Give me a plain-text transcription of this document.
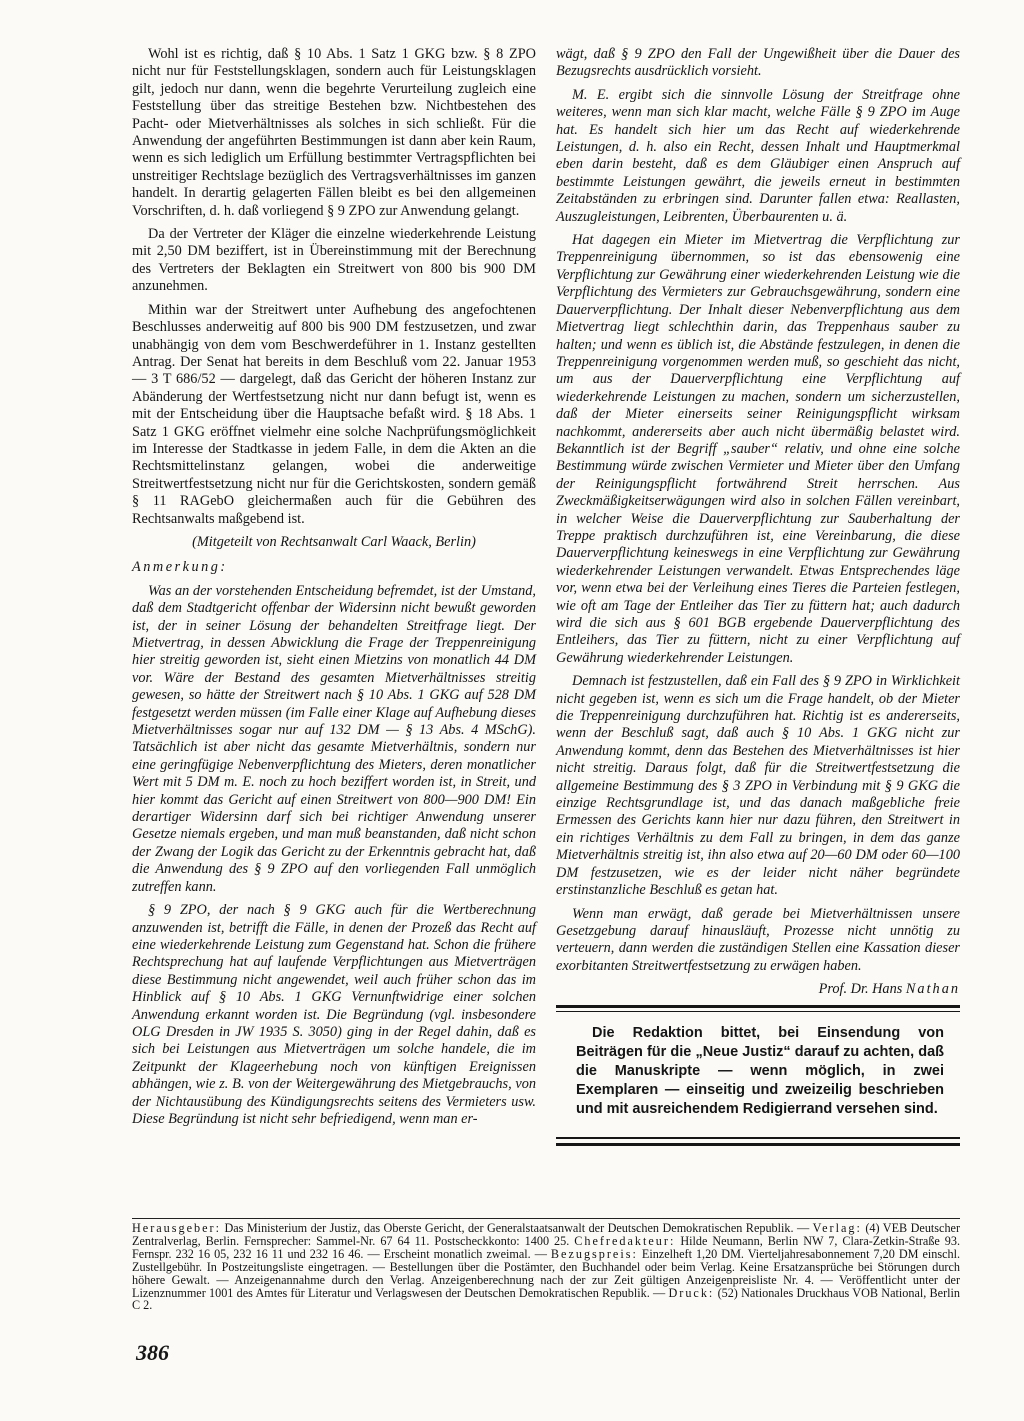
Wohl ist es richtig, daß § 10 Abs. 1 Satz 1 GKG bzw. § 8 ZPO nicht nur für Feststellungsklagen, sondern auch für Leistungsklagen gilt, jedoch nur dann, wenn die begehrte Verurteilung zugleich eine Feststellung über das streitige Bestehen bzw. Nichtbestehen des Pacht- oder Mietverhältnisses als solches in sich schließt. Für die Anwendung der angeführten Bestimmungen ist dann aber kein Raum, wenn es sich lediglich um Erfüllung bestimmter Vertragspflichten bei unstreitiger Rechtslage bezüglich des Vertragsverhältnisses im ganzen handelt. In derartig gelagerten Fällen bleibt es bei den allgemeinen Vorschriften, d. h. daß vorliegend § 9 ZPO zur Anwendung gelangt.

Da der Vertreter der Kläger die einzelne wiederkehrende Leistung mit 2,50 DM beziffert, ist in Übereinstimmung mit der Berechnung des Vertreters der Beklagten ein Streitwert von 800 bis 900 DM anzunehmen.

Mithin war der Streitwert unter Aufhebung des angefochtenen Beschlusses anderweitig auf 800 bis 900 DM festzusetzen, und zwar unabhängig von dem vom Beschwerdeführer in 1. Instanz gestellten Antrag. Der Senat hat bereits in dem Beschluß vom 22. Januar 1953 — 3 T 686/52 — dargelegt, daß das Gericht der höheren Instanz zur Abänderung der Wertfestsetzung nicht nur dann befugt ist, wenn es mit der Entscheidung über die Hauptsache befaßt wird. § 18 Abs. 1 Satz 1 GKG eröffnet vielmehr eine solche Nachprüfungsmöglichkeit im Interesse der Stadtkasse in jedem Falle, in dem die Akten an die Rechtsmittelinstanz gelangen, wobei die anderweitige Streitwertfestsetzung nicht nur für die Gerichtskosten, sondern gemäß § 11 RAGebO gleichermaßen auch für die Gebühren des Rechtsanwalts maßgebend ist.

(Mitgeteilt von Rechtsanwalt Carl Waack, Berlin)

Anmerkung:

Was an der vorstehenden Entscheidung befremdet, ist der Umstand, daß dem Stadtgericht offenbar der Widersinn nicht bewußt geworden ist, der in seiner Lösung der behandelten Streitfrage liegt. Der Mietvertrag, in dessen Abwicklung die Frage der Treppenreinigung hier streitig geworden ist, sieht einen Mietzins von monatlich 44 DM vor. Wäre der Bestand des gesamten Mietverhältnisses streitig gewesen, so hätte der Streitwert nach § 10 Abs. 1 GKG auf 528 DM festgesetzt werden müssen (im Falle einer Klage auf Aufhebung dieses Mietverhältnisses sogar nur auf 132 DM — § 13 Abs. 4 MSchG). Tatsächlich ist aber nicht das gesamte Mietverhältnis, sondern nur eine geringfügige Nebenverpflichtung des Mieters, deren monatlicher Wert mit 5 DM m. E. noch zu hoch beziffert worden ist, in Streit, und hier kommt das Gericht auf einen Streitwert von 800—900 DM! Ein derartiger Widersinn darf sich bei richtiger Anwendung unserer Gesetze niemals ergeben, und man muß beanstanden, daß nicht schon der Zwang der Logik das Gericht zu der Erkenntnis gebracht hat, daß die Anwendung des § 9 ZPO auf den vorliegenden Fall unmöglich zutreffen kann.

§ 9 ZPO, der nach § 9 GKG auch für die Wertberechnung anzuwenden ist, betrifft die Fälle, in denen der Prozeß das Recht auf eine wiederkehrende Leistung zum Gegenstand hat. Schon die frühere Rechtsprechung hat auf laufende Verpflichtungen aus Mietverträgen diese Bestimmung nicht angewendet, weil auch früher schon das im Hinblick auf § 10 Abs. 1 GKG Vernunftwidrige einer solchen Anwendung erkannt worden ist. Die Begründung (vgl. insbesondere OLG Dresden in JW 1935 S. 3050) ging in der Regel dahin, daß es sich bei Leistungen aus Mietverträgen um solche handele, die im Zeitpunkt der Klageerhebung noch von künftigen Ereignissen abhängen, wie z. B. von der Weitergewährung des Mietgebrauchs, von der Nichtausübung des Kündigungsrechts seitens des Vermieters usw. Diese Begründung ist nicht sehr befriedigend, wenn man er-

wägt, daß § 9 ZPO den Fall der Ungewißheit über die Dauer des Bezugsrechts ausdrücklich vorsieht.

M. E. ergibt sich die sinnvolle Lösung der Streitfrage ohne weiteres, wenn man sich klar macht, welche Fälle § 9 ZPO im Auge hat. Es handelt sich hier um das Recht auf wiederkehrende Leistungen, d. h. also ein Recht, dessen Inhalt und Hauptmerkmal eben darin besteht, daß es dem Gläubiger einen Anspruch auf bestimmte Leistungen gewährt, die jeweils erneut in bestimmten Zeitabständen zu erbringen sind. Darunter fallen etwa: Reallasten, Auszugleistungen, Leibrenten, Überbaurenten u. ä.

Hat dagegen ein Mieter im Mietvertrag die Verpflichtung zur Treppenreinigung übernommen, so ist das ebensowenig eine Verpflichtung zur Gewährung einer wiederkehrenden Leistung wie die Verpflichtung des Vermieters zur Gebrauchsgewährung, sondern eine Dauerverpflichtung. Der Inhalt dieser Nebenverpflichtung aus dem Mietvertrag liegt schlechthin darin, das Treppenhaus sauber zu halten; und wenn es üblich ist, die Abstände festzulegen, in denen die Treppenreinigung vorgenommen werden muß, so geschieht das nicht, um aus der Dauerverpflichtung eine Verpflichtung auf wiederkehrende Leistungen zu machen, sondern um sicherzustellen, daß der Mieter einerseits seiner Reinigungspflicht wirksam nachkommt, andererseits aber auch nicht übermäßig belastet wird. Bekanntlich ist der Begriff „sauber“ relativ, und ohne eine solche Bestimmung würde zwischen Vermieter und Mieter über den Umfang der Reinigungspflicht fortwährend Streit herrschen. Aus Zweckmäßigkeitserwägungen wird also in solchen Fällen vereinbart, in welcher Weise die Dauerverpflichtung zur Sauberhaltung der Treppe praktisch durchzuführen ist, eine Vereinbarung, die diese Dauerverpflichtung keineswegs in eine Verpflichtung zur Gewährung wiederkehrender Leistungen verwandelt. Etwas Entsprechendes läge vor, wenn etwa bei der Verleihung eines Tieres die Parteien festlegen, wie oft am Tage der Entleiher das Tier zu füttern hat; auch dadurch wird die sich aus § 601 BGB ergebende Dauerverpflichtung des Entleihers, das Tier zu füttern, nicht zu einer Verpflichtung auf Gewährung wiederkehrender Leistungen.

Demnach ist festzustellen, daß ein Fall des § 9 ZPO in Wirklichkeit nicht gegeben ist, wenn es sich um die Frage handelt, ob der Mieter die Treppenreinigung durchzuführen hat. Richtig ist es andererseits, wenn der Beschluß sagt, daß auch § 10 Abs. 1 GKG nicht zur Anwendung kommt, denn das Bestehen des Mietverhältnisses ist hier nicht streitig. Daraus folgt, daß für die Streitwertfestsetzung die allgemeine Bestimmung des § 3 ZPO in Verbindung mit § 9 GKG die einzige Rechtsgrundlage ist, und das danach maßgebliche freie Ermessen des Gerichts kann hier nur dazu führen, den Streitwert in ein richtiges Verhältnis zu dem Fall zu bringen, in dem das ganze Mietverhältnis streitig ist, ihn also etwa auf 20—60 DM oder 60—100 DM festzusetzen, wie es der leider nicht näher begründete erstinstanzliche Beschluß es getan hat.

Wenn man erwägt, daß gerade bei Mietverhältnissen unsere Gesetzgebung darauf hinausläuft, Prozesse nicht unnötig zu verteuern, dann werden die zuständigen Stellen eine Kassation dieser exorbitanten Streitwertfestsetzung zu erwägen haben.

Prof. Dr. Hans Nathan

Die Redaktion bittet, bei Einsendung von Beiträgen für die „Neue Justiz“ darauf zu achten, daß die Manuskripte — wenn möglich, in zwei Exemplaren — einseitig und zweizeilig beschrieben und mit ausreichendem Redigierrand versehen sind.

Herausgeber: Das Ministerium der Justiz, das Oberste Gericht, der Generalstaatsanwalt der Deutschen Demokratischen Republik. — Verlag: (4) VEB Deutscher Zentralverlag, Berlin. Fernsprecher: Sammel-Nr. 67 64 11. Postscheckkonto: 1400 25. Chefredakteur: Hilde Neumann, Berlin NW 7, Clara-Zetkin-Straße 93. Fernspr. 232 16 05, 232 16 11 und 232 16 46. — Erscheint monatlich zweimal. — Bezugspreis: Einzelheft 1,20 DM. Vierteljahresabonnement 7,20 DM einschl. Zustellgebühr. In Postzeitungsliste eingetragen. — Bestellungen über die Postämter, den Buchhandel oder beim Verlag. Keine Ersatzansprüche bei Störungen durch höhere Gewalt. — Anzeigenannahme durch den Verlag. Anzeigenberechnung nach der zur Zeit gültigen Anzeigenpreisliste Nr. 4. — Veröffentlicht unter der Lizenznummer 1001 des Amtes für Literatur und Verlagswesen der Deutschen Demokratischen Republik. — Druck: (52) Nationales Druckhaus VOB National, Berlin C 2.
386
